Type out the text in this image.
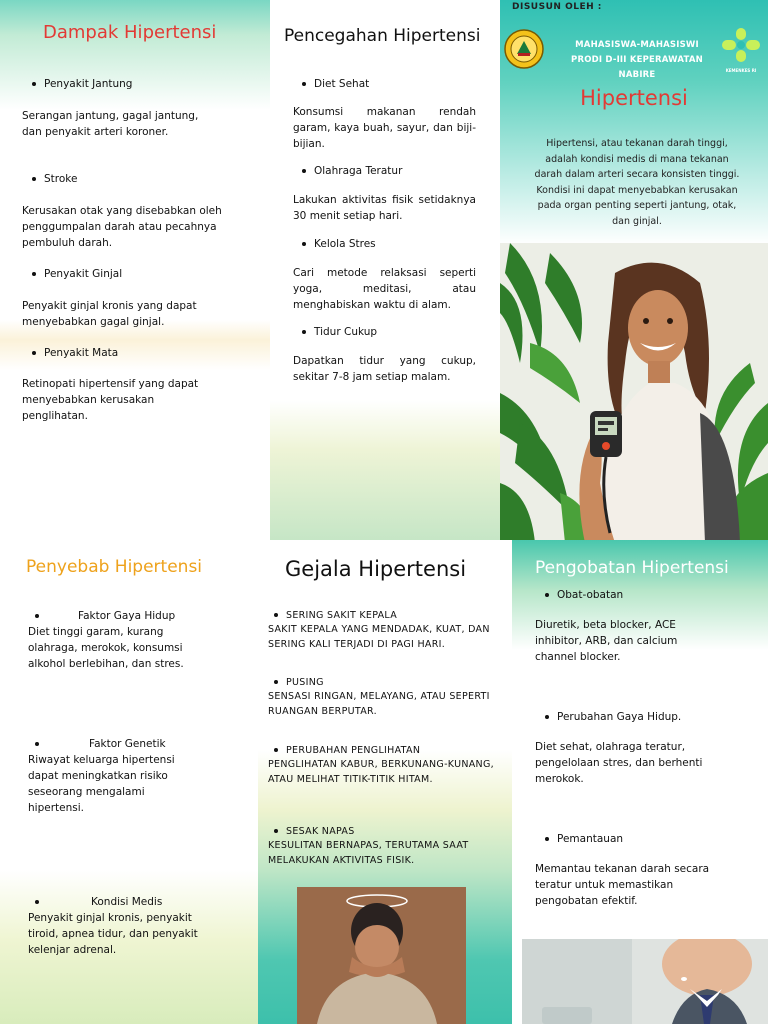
Dampak Hipertensi
Penyakit Jantung
Serangan jantung, gagal jantung, dan penyakit arteri koroner.
Stroke
Kerusakan otak yang disebabkan oleh penggumpalan darah atau pecahnya pembuluh darah.
Penyakit Ginjal
Penyakit ginjal kronis yang dapat menyebabkan gagal ginjal.
Penyakit Mata
Retinopati hipertensif yang dapat menyebabkan kerusakan penglihatan.
Pencegahan Hipertensi
Diet Sehat
Konsumsi makanan rendah garam, kaya buah, sayur, dan biji-bijian.
Olahraga Teratur
Lakukan aktivitas fisik setidaknya 30 menit setiap hari.
Kelola Stres
Cari metode relaksasi seperti yoga, meditasi, atau menghabiskan waktu di alam.
Tidur Cukup
Dapatkan tidur yang cukup, sekitar 7-8 jam setiap malam.
DISUSUN OLEH :
MAHASISWA-MAHASISWI
PRODI D-III KEPERAWATAN NABIRE	KEMENKES RI
Hipertensi
Hipertensi, atau tekanan darah tinggi, adalah kondisi medis di mana tekanan darah dalam arteri secara konsisten tinggi. Kondisi ini dapat menyebabkan kerusakan pada organ penting seperti jantung, otak, dan ginjal.
Penyebab Hipertensi
Faktor Gaya Hidup
Diet tinggi garam, kurang olahraga, merokok, konsumsi alkohol berlebihan, dan stres.
Faktor Genetik
Riwayat keluarga hipertensi dapat meningkatkan risiko seseorang mengalami hipertensi.
Kondisi Medis
Penyakit ginjal kronis, penyakit tiroid, apnea tidur, dan penyakit kelenjar adrenal.
Gejala Hipertensi
SERING SAKIT KEPALA
SAKIT KEPALA YANG MENDADAK, KUAT, DAN SERING KALI TERJADI DI PAGI HARI.
PUSING
SENSASI RINGAN, MELAYANG, ATAU SEPERTI RUANGAN BERPUTAR.
PERUBAHAN PENGLIHATAN
PENGLIHATAN KABUR, BERKUNANG-KUNANG, ATAU MELIHAT TITIK-TITIK HITAM.
SESAK NAPAS
KESULITAN BERNAPAS, TERUTAMA SAAT MELAKUKAN AKTIVITAS FISIK.
Pengobatan Hipertensi
Obat-obatan
Diuretik, beta blocker, ACE inhibitor, ARB, dan calcium channel blocker.
Perubahan Gaya Hidup.
Diet sehat, olahraga teratur, pengelolaan stres, dan berhenti merokok.
Pemantauan
Memantau tekanan darah secara teratur untuk memastikan pengobatan efektif.
